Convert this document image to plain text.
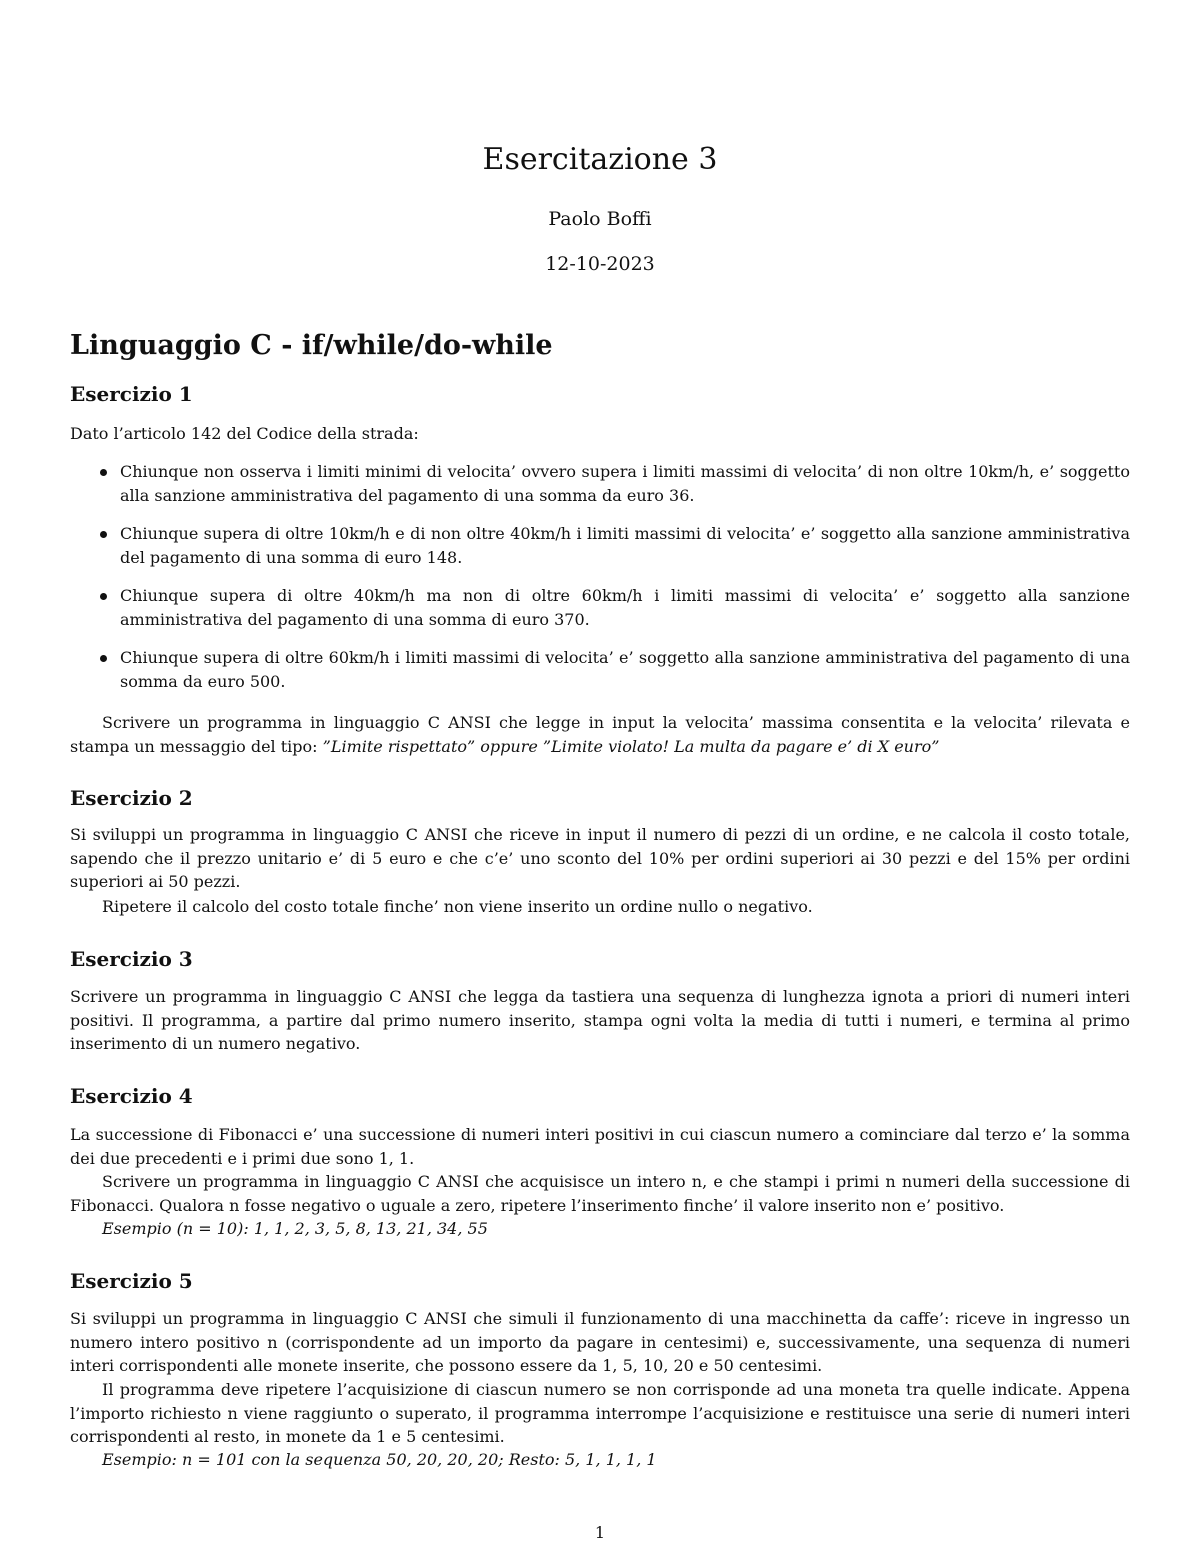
Esercitazione 3
Paolo Boffi
12-10-2023
Linguaggio C - if/while/do-while
Esercizio 1

Dato l’articolo 142 del Codice della strada:

Chiunque non osserva i limiti minimi di velocita’ ovvero supera i limiti massimi di velocita’ di non oltre 10km/h, e’ soggetto alla sanzione amministrativa del pagamento di una somma da euro 36.
Chiunque supera di oltre 10km/h e di non oltre 40km/h i limiti massimi di velocita’ e’ soggetto alla sanzione amministrativa del pagamento di una somma di euro 148.
Chiunque supera di oltre 40km/h ma non di oltre 60km/h i limiti massimi di velocita’ e’ soggetto alla sanzione amministrativa del pagamento di una somma di euro 370.
Chiunque supera di oltre 60km/h i limiti massimi di velocita’ e’ soggetto alla sanzione amministrativa del pagamento di una somma da euro 500.

Scrivere un programma in linguaggio C ANSI che legge in input la velocita’ massima consentita e la velocita’ rilevata e stampa un messaggio del tipo: ”Limite rispettato” oppure ”Limite violato! La multa da pagare e’ di X euro”

Esercizio 2

Si sviluppi un programma in linguaggio C ANSI che riceve in input il numero di pezzi di un ordine, e ne calcola il costo totale, sapendo che il prezzo unitario e’ di 5 euro e che c’e’ uno sconto del 10% per ordini superiori ai 30 pezzi e del 15% per ordini superiori ai 50 pezzi.

Ripetere il calcolo del costo totale finche’ non viene inserito un ordine nullo o negativo.

Esercizio 3

Scrivere un programma in linguaggio C ANSI che legga da tastiera una sequenza di lunghezza ignota a priori di numeri interi positivi. Il programma, a partire dal primo numero inserito, stampa ogni volta la media di tutti i numeri, e termina al primo inserimento di un numero negativo.

Esercizio 4

La successione di Fibonacci e’ una successione di numeri interi positivi in cui ciascun numero a cominciare dal terzo e’ la somma dei due precedenti e i primi due sono 1, 1.

Scrivere un programma in linguaggio C ANSI che acquisisce un intero n, e che stampi i primi n numeri della successione di Fibonacci. Qualora n fosse negativo o uguale a zero, ripetere l’inserimento finche’ il valore inserito non e’ positivo.

Esempio (n = 10): 1, 1, 2, 3, 5, 8, 13, 21, 34, 55

Esercizio 5

Si sviluppi un programma in linguaggio C ANSI che simuli il funzionamento di una macchinetta da caffe’: riceve in ingresso un numero intero positivo n (corrispondente ad un importo da pagare in centesimi) e, successivamente, una sequenza di numeri interi corrispondenti alle monete inserite, che possono essere da 1, 5, 10, 20 e 50 centesimi.

Il programma deve ripetere l’acquisizione di ciascun numero se non corrisponde ad una moneta tra quelle indicate. Appena l’importo richiesto n viene raggiunto o superato, il programma interrompe l’acquisizione e restituisce una serie di numeri interi corrispondenti al resto, in monete da 1 e 5 centesimi.

Esempio: n = 101 con la sequenza 50, 20, 20, 20; Resto: 5, 1, 1, 1, 1

1
